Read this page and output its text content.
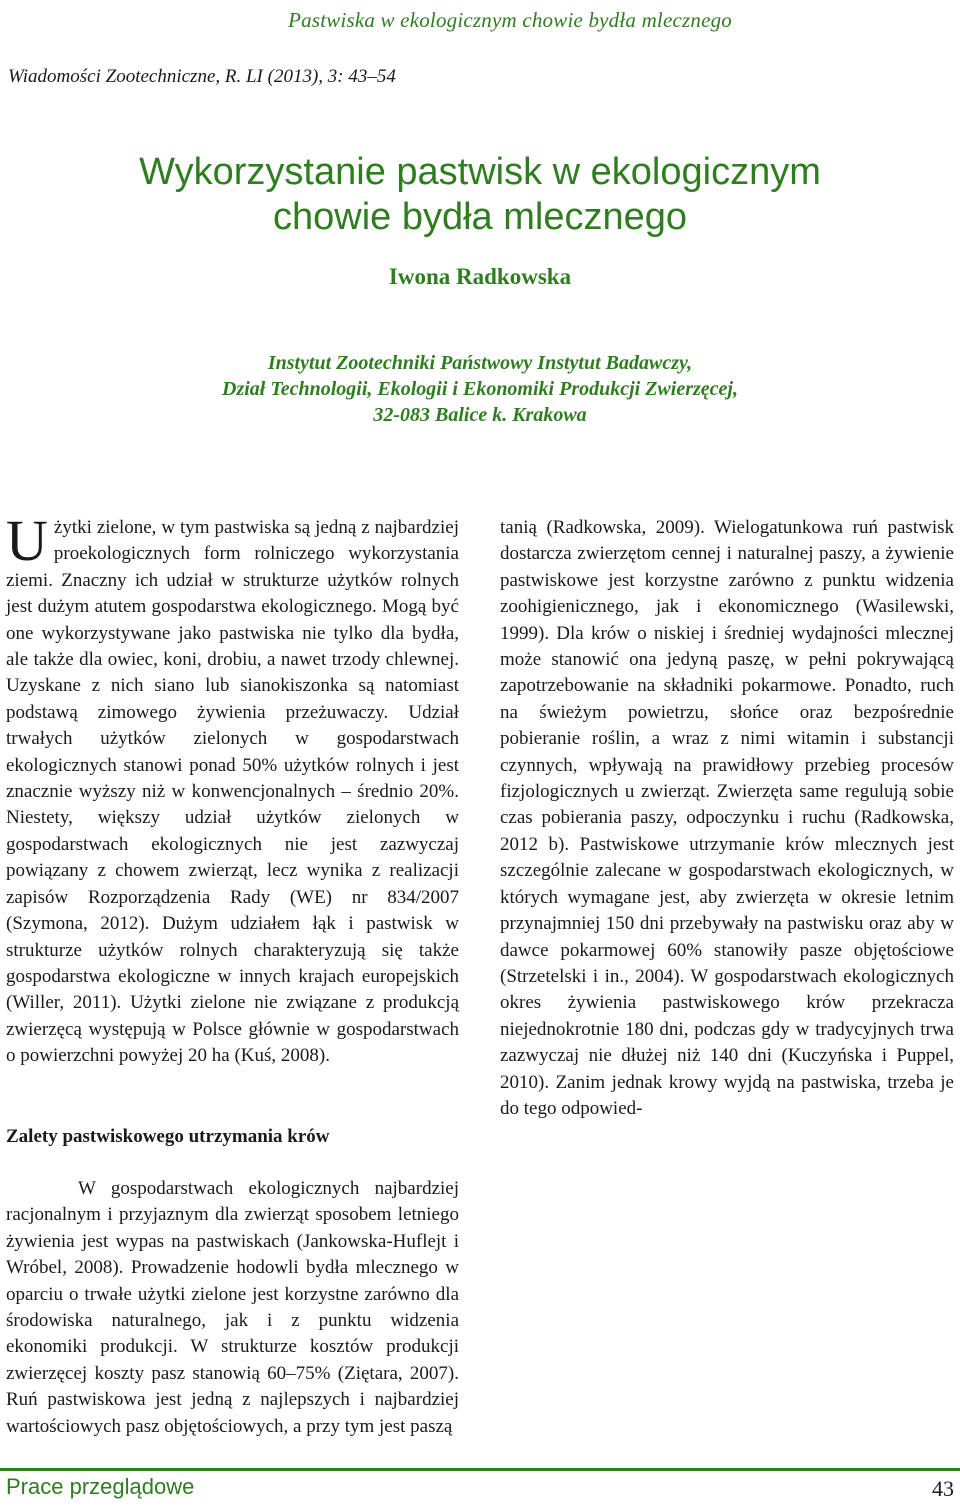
Pastwiska w ekologicznym chowie bydła mlecznego
Wiadomości Zootechniczne, R. LI (2013), 3: 43–54
Wykorzystanie pastwisk w ekologicznym
chowie bydła mlecznego
Iwona Radkowska
Instytut Zootechniki Państwowy Instytut Badawczy,
Dział Technologii, Ekologii i Ekonomiki Produkcji Zwierzęcej,
32-083 Balice k. Krakowa

Użytki zielone, w tym pastwiska są jedną z najbardziej proekologicznych form rolniczego wykorzystania ziemi. Znaczny ich udział w strukturze użytków rolnych jest dużym atutem gospodarstwa ekologicznego. Mogą być one wykorzystywane jako pastwiska nie tylko dla bydła, ale także dla owiec, koni, drobiu, a nawet trzody chlewnej. Uzyskane z nich siano lub sianokiszonka są natomiast podstawą zimowego żywienia przeżuwaczy. Udział trwałych użytków zielonych w gospodarstwach ekologicznych stanowi ponad 50% użytków rolnych i jest znacznie wyższy niż w konwencjonalnych – średnio 20%. Niestety, większy udział użytków zielonych w gospodarstwach ekologicznych nie jest zazwyczaj powiązany z chowem zwierząt, lecz wynika z realizacji zapisów Rozporządzenia Rady (WE) nr 834/2007 (Szymona, 2012). Dużym udziałem łąk i pastwisk w strukturze użytków rolnych charakteryzują się także gospodarstwa ekologiczne w innych krajach europejskich (Willer, 2011). Użytki zielone nie związane z produkcją zwierzęcą występują w Polsce głównie w gospodarstwach o powierzchni powyżej 20 ha (Kuś, 2008).

Zalety pastwiskowego utrzymania krów

W gospodarstwach ekologicznych najbardziej racjonalnym i przyjaznym dla zwierząt sposobem letniego żywienia jest wypas na pastwiskach (Jankowska-Huflejt i Wróbel, 2008). Prowadzenie hodowli bydła mlecznego w oparciu o trwałe użytki zielone jest korzystne zarówno dla środowiska naturalnego, jak i z punktu widzenia ekonomiki produkcji. W strukturze kosztów produkcji zwierzęcej koszty pasz stanowią 60–75% (Ziętara, 2007). Ruń pastwiskowa jest jedną z najlepszych i najbardziej wartościowych pasz objętościowych, a przy tym jest paszą

tanią (Radkowska, 2009). Wielogatunkowa ruń pastwisk dostarcza zwierzętom cennej i naturalnej paszy, a żywienie pastwiskowe jest korzystne zarówno z punktu widzenia zoohigienicznego, jak i ekonomicznego (Wasilewski, 1999). Dla krów o niskiej i średniej wydajności mlecznej może stanowić ona jedyną paszę, w pełni pokrywającą zapotrzebowanie na składniki pokarmowe. Ponadto, ruch na świeżym powietrzu, słońce oraz bezpośrednie pobieranie roślin, a wraz z nimi witamin i substancji czynnych, wpływają na prawidłowy przebieg procesów fizjologicznych u zwierząt. Zwierzęta same regulują sobie czas pobierania paszy, odpoczynku i ruchu (Radkowska, 2012 b). Pastwiskowe utrzymanie krów mlecznych jest szczególnie zalecane w gospodarstwach ekologicznych, w których wymagane jest, aby zwierzęta w okresie letnim przynajmniej 150 dni przebywały na pastwisku oraz aby w dawce pokarmowej 60% stanowiły pasze objętościowe (Strzetelski i in., 2004). W gospodarstwach ekologicznych okres żywienia pastwiskowego krów przekracza niejednokrotnie 180 dni, podczas gdy w tradycyjnych trwa zazwyczaj nie dłużej niż 140 dni (Kuczyńska i Puppel, 2010). Zanim jednak krowy wyjdą na pastwiska, trzeba je do tego odpowied-

Prace przeglądowe	43
